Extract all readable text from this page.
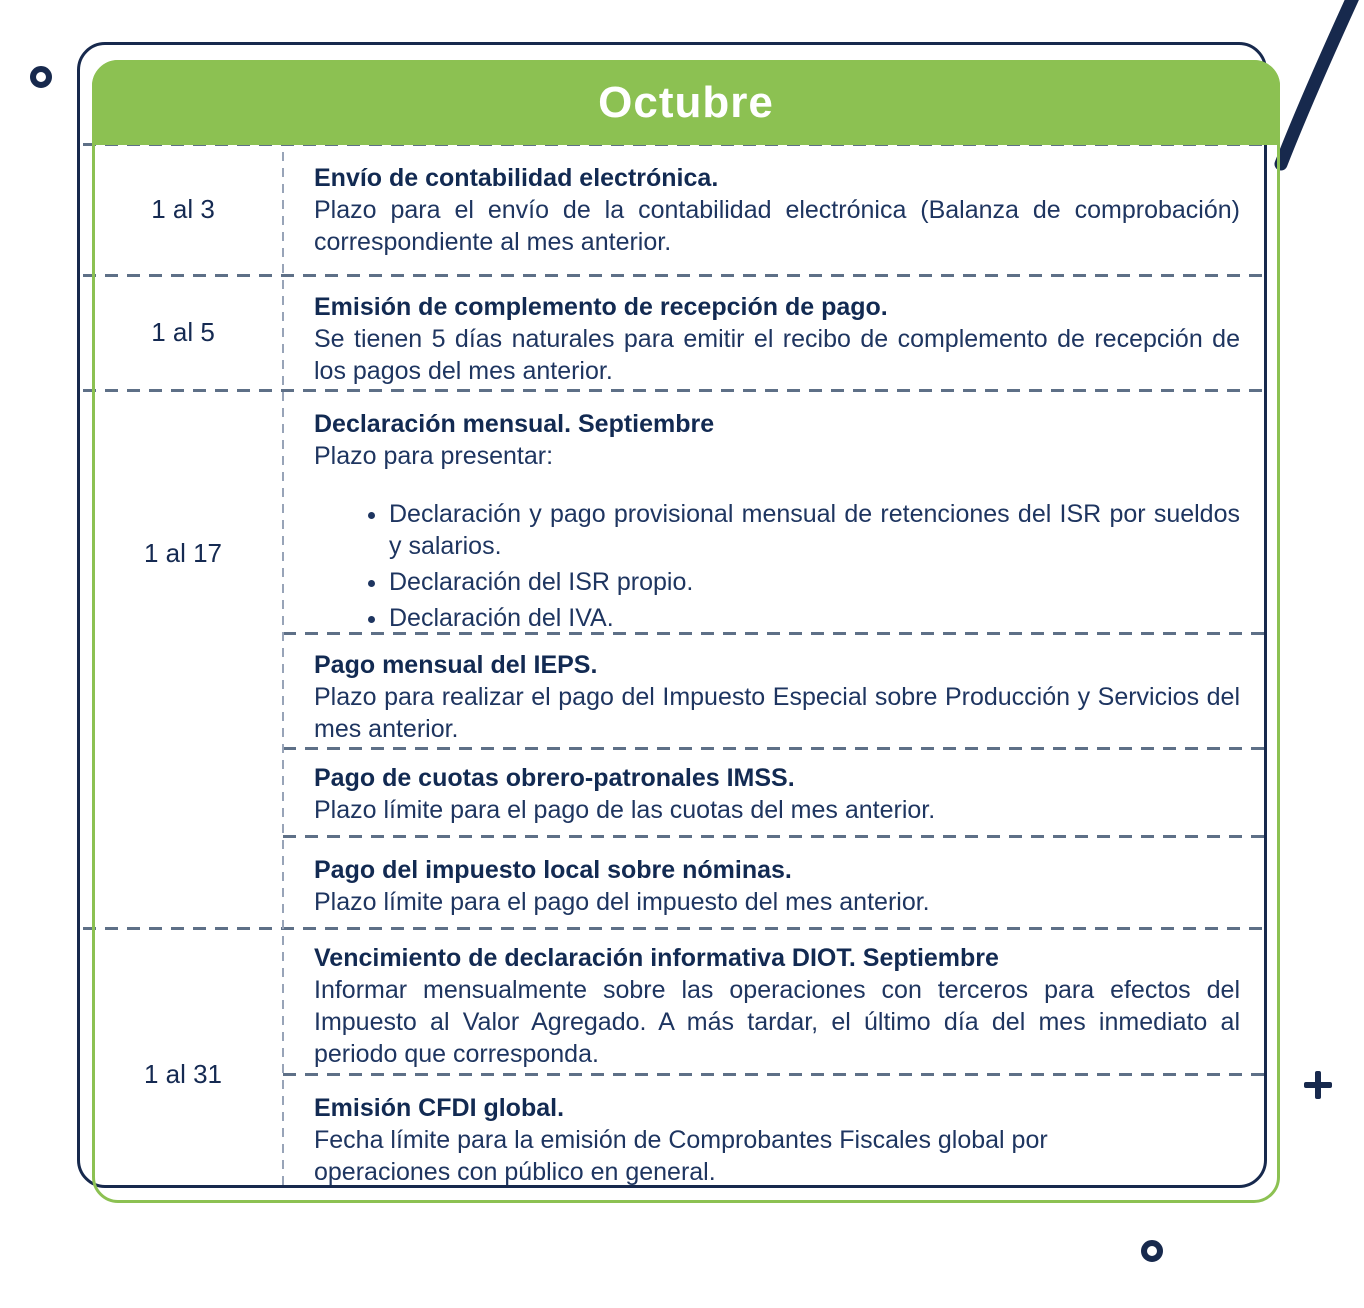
Octubre
1 al 3
Envío de contabilidad electrónica.
Plazo para el envío de la contabilidad electrónica (Balanza de comprobación) correspondiente al mes anterior.
1 al 5
Emisión de complemento de recepción de pago.
Se tienen 5 días naturales para emitir el recibo de complemento de recepción de los pagos del mes anterior.
1 al 17
Declaración mensual. Septiembre
Plazo para presentar:
• Declaración y pago provisional mensual de retenciones del ISR por sueldos y salarios.
• Declaración del ISR propio.
• Declaración del IVA.
Pago mensual del IEPS.
Plazo para realizar el pago del Impuesto Especial sobre Producción y Servicios del mes anterior.
Pago de cuotas obrero-patronales IMSS.
Plazo límite para el pago de las cuotas del mes anterior.
Pago del impuesto local sobre nóminas.
Plazo límite para el pago del impuesto del mes anterior.
1 al 31
Vencimiento de declaración informativa DIOT. Septiembre
Informar mensualmente sobre las operaciones con terceros para efectos del Impuesto al Valor Agregado. A más tardar, el último día del mes inmediato al periodo que corresponda.
Emisión CFDI global.
Fecha límite para la emisión de Comprobantes Fiscales global por operaciones con público en general.
